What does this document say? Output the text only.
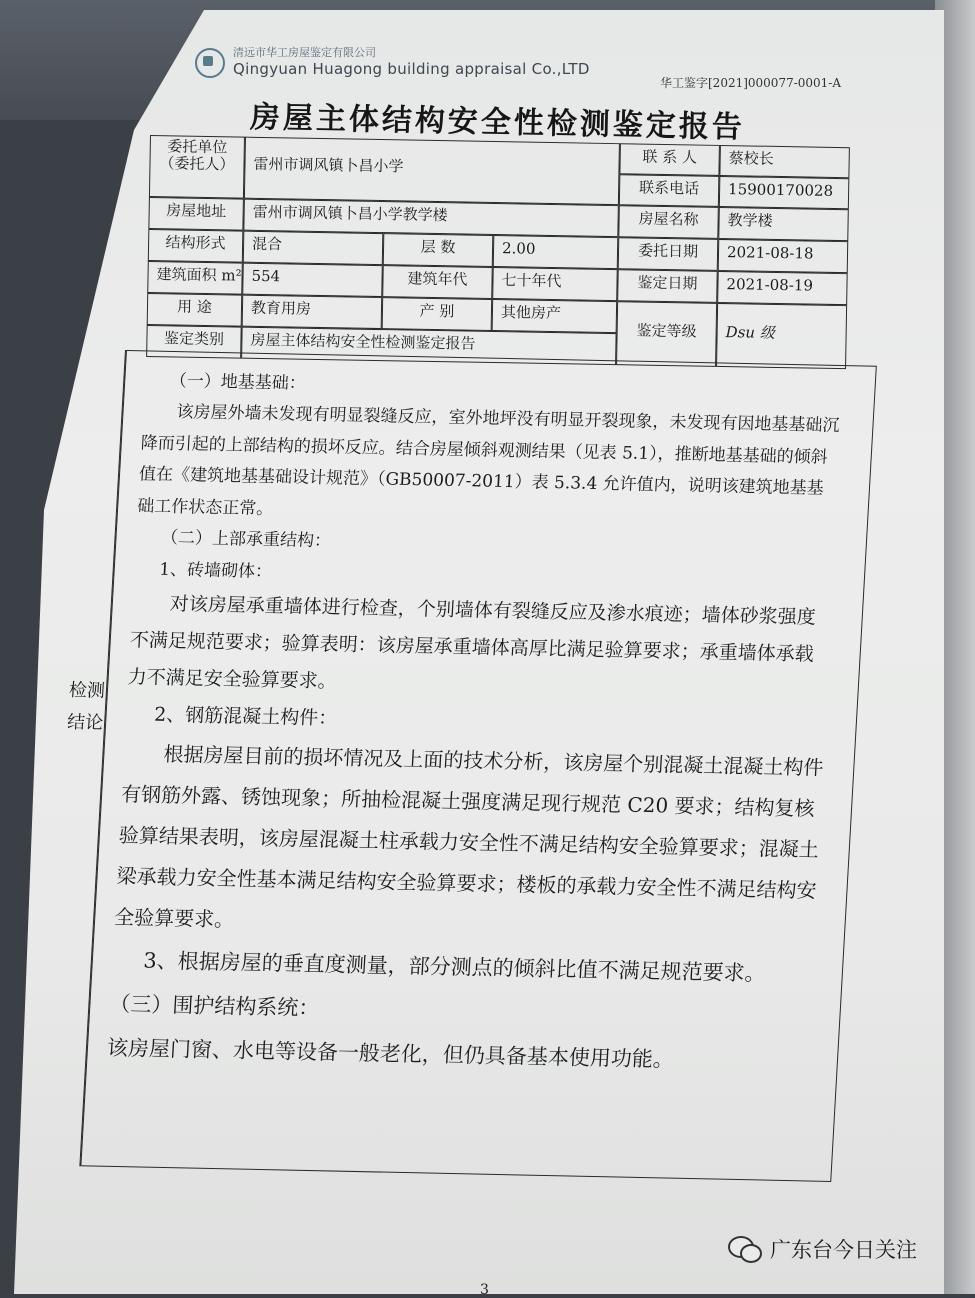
清远市华工房屋鉴定有限公司
Qingyuan Huagong building appraisal Co.,LTD
华工鉴字[2021]000077-0001-A
房屋主体结构安全性检测鉴定报告
委托单位
（委托人）	雷州市调风镇卜昌小学	联 系 人	蔡校长
联系电话	15900170028
房屋地址	雷州市调风镇卜昌小学教学楼	房屋名称	教学楼
结构形式	混合	层 数	2.00	委托日期	2021-08-18
建筑面积 m² 554	建筑年代	七十年代	鉴定日期	2021-08-19
用 途	教育用房	产 别	其他房产
鉴定等级	Dsu 级
鉴定类别	房屋主体结构安全性检测鉴定报告
检测
结论

（一）地基基础：

该房屋外墙未发现有明显裂缝反应，室外地坪没有明显开裂现象，未发现有因地基基础沉降而引起的上部结构的损坏反应。结合房屋倾斜观测结果（见表 5.1），推断地基基础的倾斜值在《建筑地基基础设计规范》（GB50007-2011）表 5.3.4 允许值内，说明该建筑地基基础工作状态正常。

（二）上部承重结构：

1、砖墙砌体：

对该房屋承重墙体进行检查，个别墙体有裂缝反应及渗水痕迹；墙体砂浆强度不满足规范要求；验算表明：该房屋承重墙体高厚比满足验算要求；承重墙体承载力不满足安全验算要求。

2、钢筋混凝土构件：

根据房屋目前的损坏情况及上面的技术分析，该房屋个别混凝土混凝土构件有钢筋外露、锈蚀现象；所抽检混凝土强度满足现行规范 C20 要求；结构复核验算结果表明，该房屋混凝土柱承载力安全性不满足结构安全验算要求；混凝土梁承载力安全性基本满足结构安全验算要求；楼板的承载力安全性不满足结构安全验算要求。

3、根据房屋的垂直度测量，部分测点的倾斜比值不满足规范要求。

（三）围护结构系统：

该房屋门窗、水电等设备一般老化，但仍具备基本使用功能。

广东台今日关注
3
